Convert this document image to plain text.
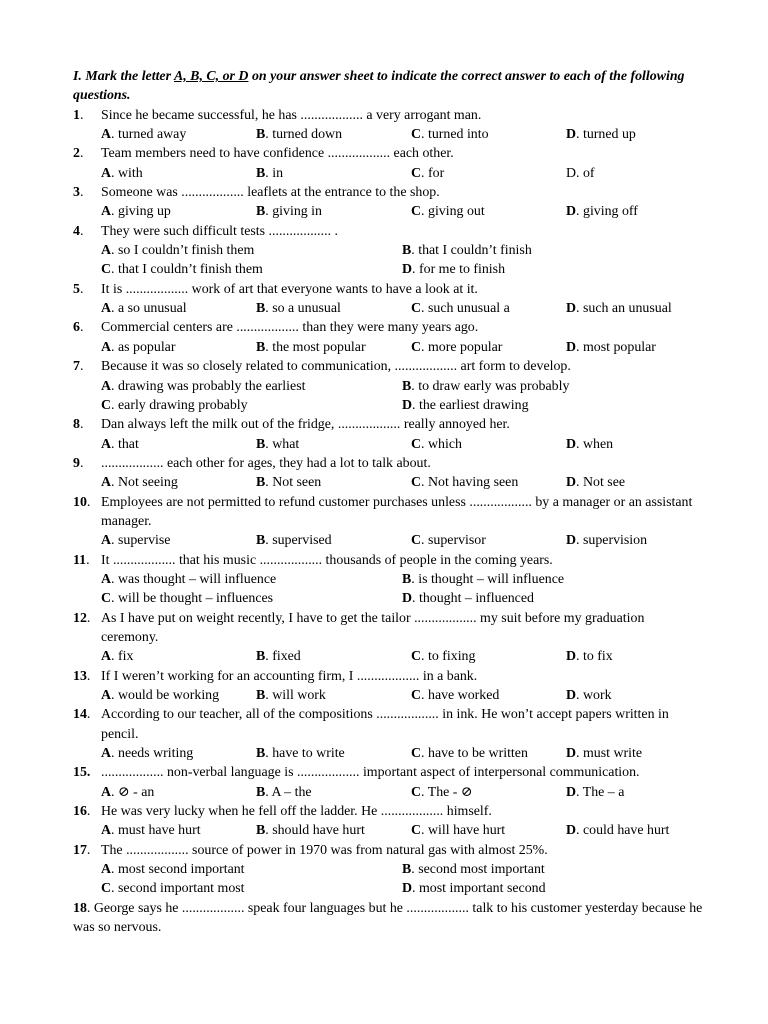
I. Mark the letter A, B, C, or D on your answer sheet to indicate the correct answer to each of the following questions.
1.	Since he became successful, he has .................. a very arrogant man.
A. turned away	B. turned down	C. turned into	D. turned up
2.	Team members need to have confidence .................. each other.
A. with	B. in	C. for	D. of
3.	Someone was .................. leaflets at the entrance to the shop.
A. giving up	B. giving in	C. giving out	D. giving off
4.	They were such difficult tests .................. .
A. so I couldn’t finish them	B. that I couldn’t finish
C. that I couldn’t finish them	D. for me to finish
5.	It is .................. work of art that everyone wants to have a look at it.
A. a so unusual	B. so a unusual	C. such unusual a	D. such an unusual
6.	Commercial centers are .................. than they were many years ago.
A. as popular	B. the most popular	C. more popular	D. most popular
7.	Because it was so closely related to communication, .................. art form to develop.
A. drawing was probably the earliest	B. to draw early was probably
C. early drawing probably	D. the earliest drawing
8.	Dan always left the milk out of the fridge, .................. really annoyed her.
A. that	B. what	C. which	D. when
9.	.................. each other for ages, they had a lot to talk about.
A. Not seeing	B. Not seen	C. Not having seen	D. Not see
10. Employees are not permitted to refund customer purchases unless .................. by a manager or an assistant manager.
A. supervise	B. supervised	C. supervisor	D. supervision
11. It .................. that his music .................. thousands of people in the coming years.
A. was thought – will influence	B. is thought – will influence
C. will be thought – influences	D. thought – influenced
12. As I have put on weight recently, I have to get the tailor .................. my suit before my graduation ceremony.
A. fix	B. fixed	C. to fixing	D. to fix
13. If I weren’t working for an accounting firm, I .................. in a bank.
A. would be working	B. will work	C. have worked	D. work
14. According to our teacher, all of the compositions .................. in ink. He won’t accept papers written in pencil.
A. needs writing	B. have to write	C. have to be written	D. must write
15. .................. non-verbal language is .................. important aspect of interpersonal communication.
A. ⊘ - an	B. A – the	C. The - ⊘	D. The – a
16. He was very lucky when he fell off the ladder. He .................. himself.
A. must have hurt	B. should have hurt	C. will have hurt	D. could have hurt
17. The .................. source of power in 1970 was from natural gas with almost 25%.
A. most second important	B. second most important
C. second important most	D. most important second
18. George says he .................. speak four languages but he .................. talk to his customer yesterday because he was so nervous.
